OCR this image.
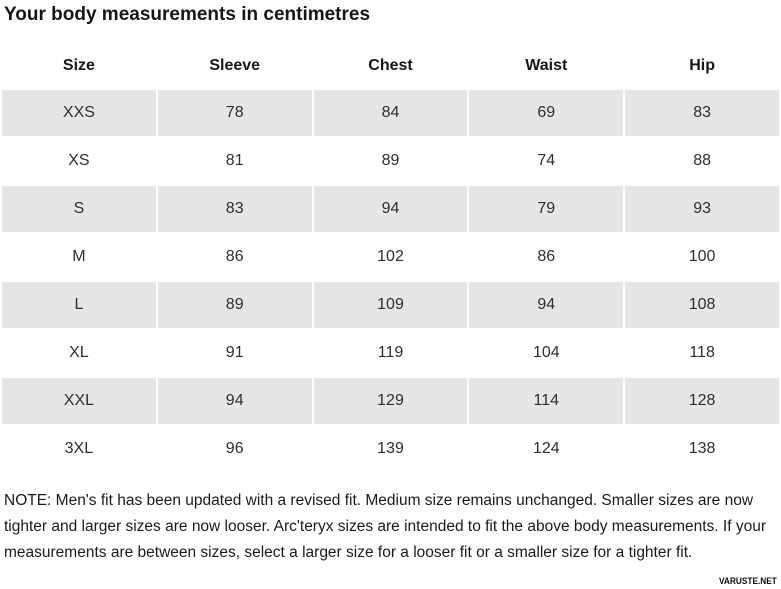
Your body measurements in centimetres
Size	Sleeve	Chest	Waist	Hip
XXS	78	84	69	83
XS	81	89	74	88
S	83	94	79	93
M	86	102	86	100
L	89	109	94	108
XL	91	119	104	118
XXL	94	129	114	128
3XL	96	139	124	138

NOTE: Men's fit has been updated with a revised fit. Medium size remains unchanged. Smaller sizes are now tighter and larger sizes are now looser. Arc'teryx sizes are intended to fit the above body measurements. If your measurements are between sizes, select a larger size for a looser fit or a smaller size for a tighter fit.

VARUSTE.NET
